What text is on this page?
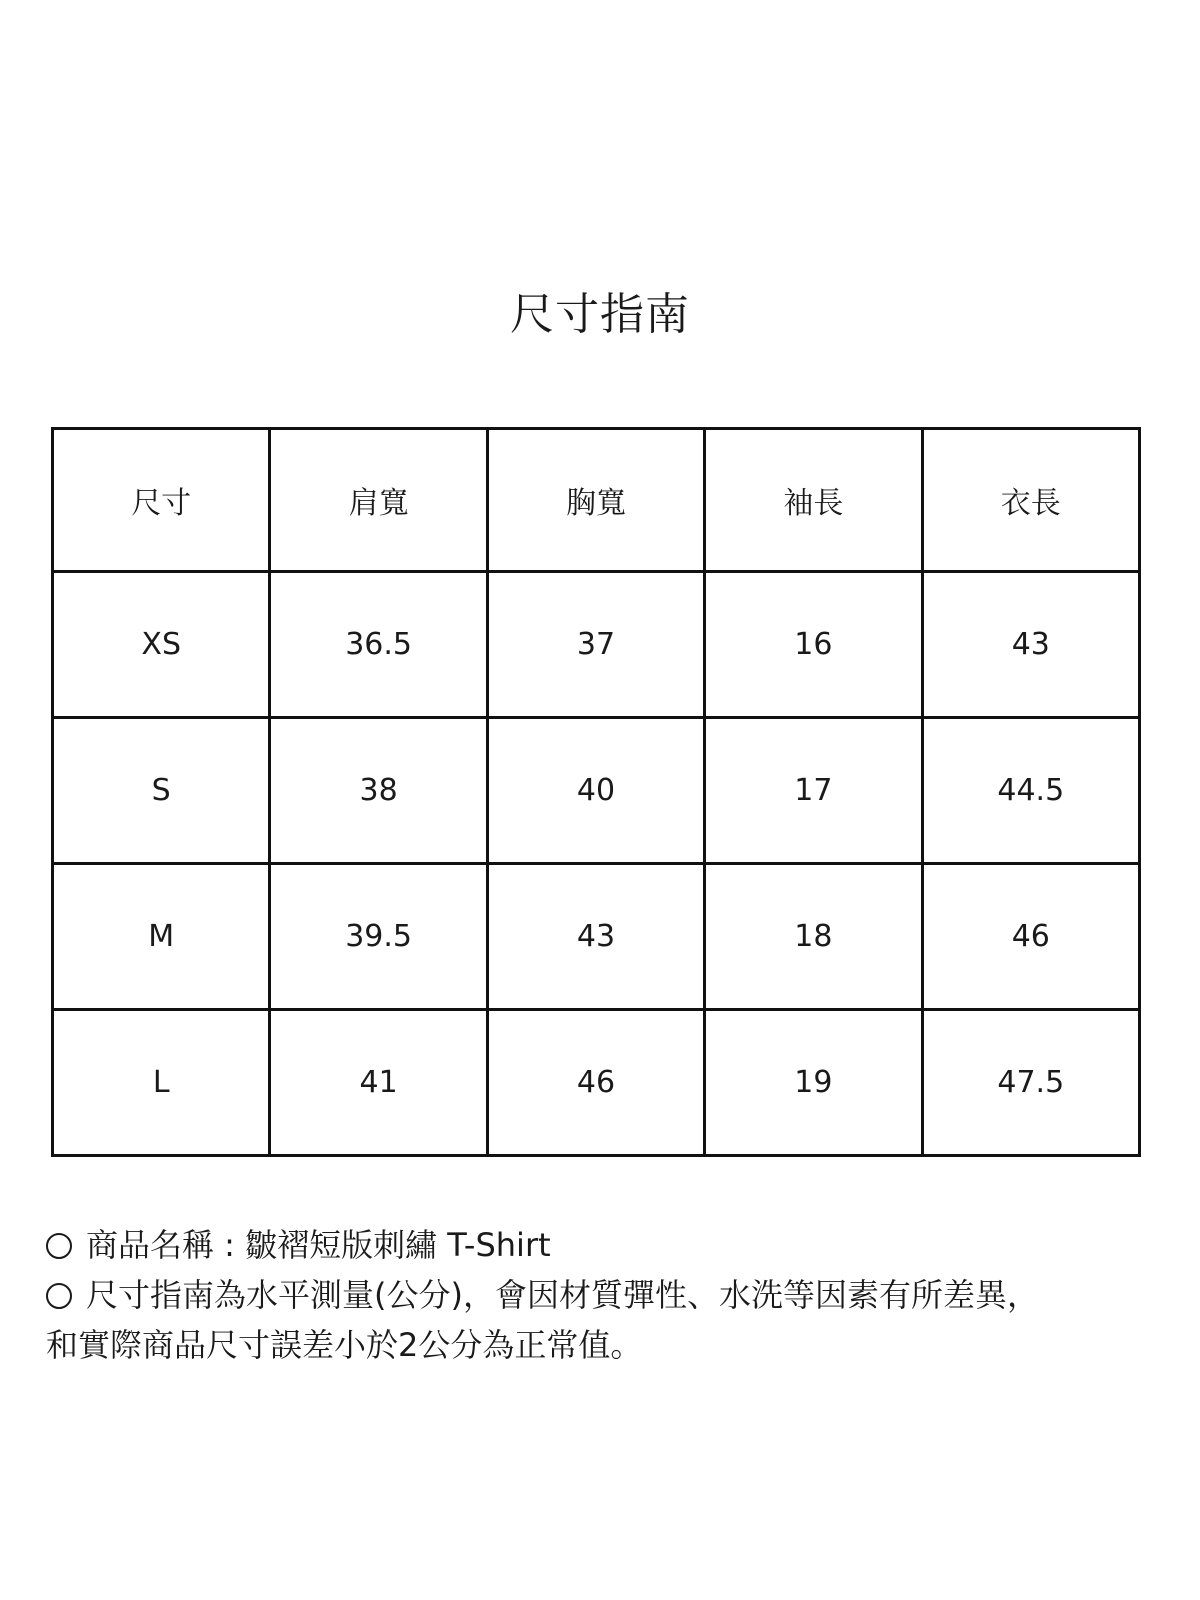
尺寸指南
尺寸	肩寬	胸寬	袖長	衣長
XS	36.5	37	16	43
S	38	40	17	44.5
M	39.5	43	18	46
L	41	46	19	47.5
商品名稱 : 皺褶短版刺繡 T-Shirt
尺寸指南為水平測量(公分)，會因材質彈性、水洗等因素有所差異，
和實際商品尺寸誤差小於2公分為正常值。
